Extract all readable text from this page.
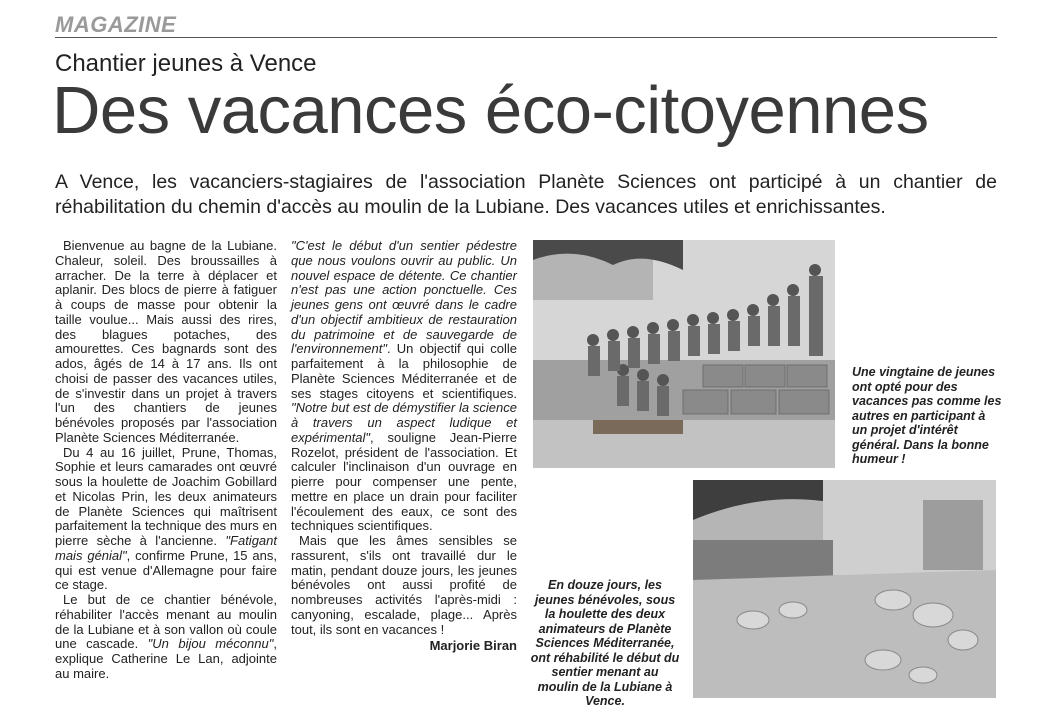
MAGAZINE
Chantier jeunes à Vence
Des vacances éco-citoyennes
A Vence, les vacanciers-stagiaires de l'association Planète Sciences ont participé à un chantier de réhabilitation du chemin d'accès au moulin de la Lubiane. Des vacances utiles et enrichissantes.

Bienvenue au bagne de la Lubiane. Chaleur, soleil. Des broussailles à arracher. De la terre à déplacer et aplanir. Des blocs de pierre à fatiguer à coups de masse pour obtenir la taille voulue... Mais aussi des rires, des blagues potaches, des amourettes. Ces bagnards sont des ados, âgés de 14 à 17 ans. Ils ont choisi de passer des vacances utiles, de s'investir dans un projet à travers l'un des chantiers de jeunes bénévoles proposés par l'association Planète Sciences Méditerranée.

Du 4 au 16 juillet, Prune, Thomas, Sophie et leurs camarades ont œuvré sous la houlette de Joachim Gobillard et Nicolas Prin, les deux animateurs de Planète Sciences qui maîtrisent parfaitement la technique des murs en pierre sèche à l'ancienne. "Fatigant mais génial", confirme Prune, 15 ans, qui est venue d'Allemagne pour faire ce stage.

Le but de ce chantier bénévole, réhabiliter l'accès menant au moulin de la Lubiane et à son vallon où coule une cascade. "Un bijou méconnu", explique Catherine Le Lan, adjointe au maire.

"C'est le début d'un sentier pédestre que nous voulons ouvrir au public. Un nouvel espace de détente. Ce chantier n'est pas une action ponctuelle. Ces jeunes gens ont œuvré dans le cadre d'un objectif ambitieux de restauration du patrimoine et de sauvegarde de l'environnement". Un objectif qui colle parfaitement à la philosophie de Planète Sciences Méditerranée et de ses stages citoyens et scientifiques. "Notre but est de démystifier la science à travers un aspect ludique et expérimental", souligne Jean-Pierre Rozelot, président de l'association. Et calculer l'inclinaison d'un ouvrage en pierre pour compenser une pente, mettre en place un drain pour faciliter l'écoulement des eaux, ce sont des techniques scientifiques.

Mais que les âmes sensibles se rassurent, s'ils ont travaillé dur le matin, pendant douze jours, les jeunes bénévoles ont aussi profité de nombreuses activités l'après-midi : canyoning, escalade, plage... Après tout, ils sont en vacances !

Marjorie Biran

Une vingtaine de jeunes ont opté pour des vacances pas comme les autres en participant à un projet d'intérêt général. Dans la bonne humeur !
En douze jours, les jeunes bénévoles, sous la houlette des deux animateurs de Planète Sciences Méditerranée, ont réhabilité le début du sentier menant au moulin de la Lubiane à Vence.
